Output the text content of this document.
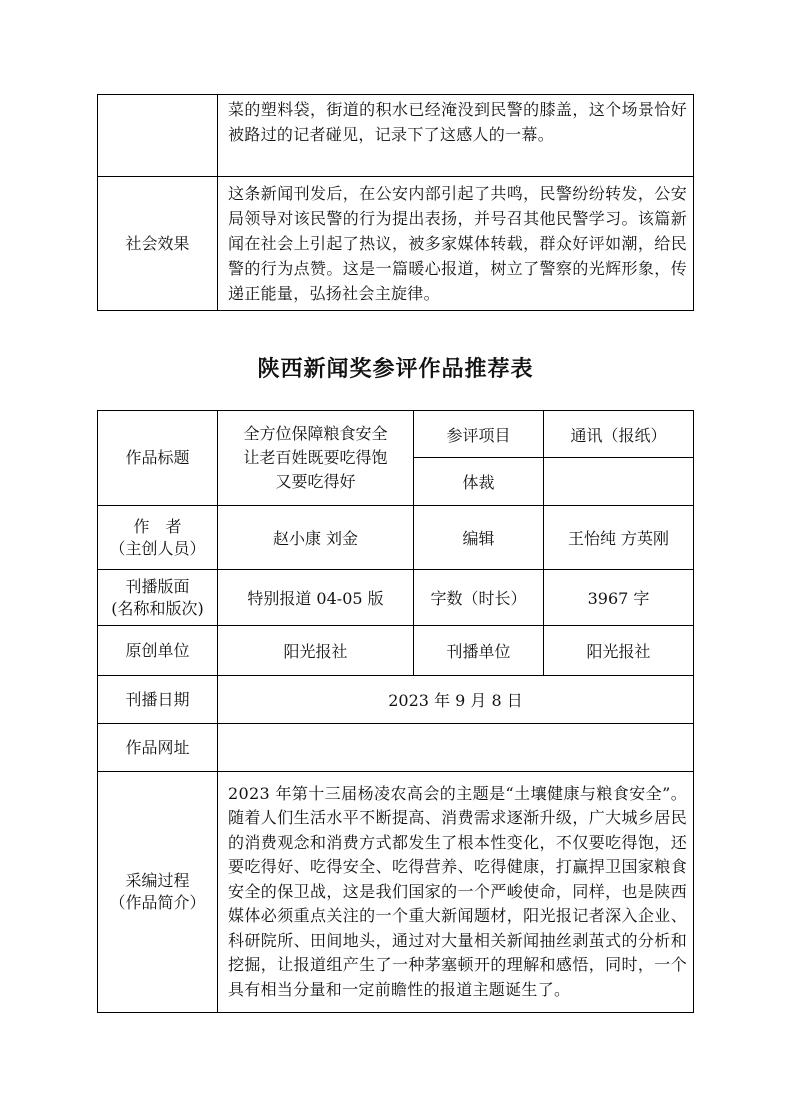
	菜的塑料袋，街道的积水已经淹没到民警的膝盖，这个场景恰好被路过的记者碰见，记录下了这感人的一幕。
社会效果	这条新闻刊发后，在公安内部引起了共鸣，民警纷纷转发，公安局领导对该民警的行为提出表扬，并号召其他民警学习。该篇新闻在社会上引起了热议，被多家媒体转载，群众好评如潮，给民警的行为点赞。这是一篇暖心报道，树立了警察的光辉形象，传递正能量，弘扬社会主旋律。
陕西新闻奖参评作品推荐表
作品标题	全方位保障粮食安全
让老百姓既要吃得饱
又要吃得好	参评项目	通讯（报纸）
		体裁	

作　者
（主创人员）	赵小康 刘金	编辑	王怡纯 方英刚

刊播版面
(名称和版次)	特别报道 04-05 版	字数（时长）	3967 字
原创单位	阳光报社	刊播单位	阳光报社
刊播日期	2023 年 9 月 8 日		
作品网址			

采编过程
（作品简介）	2023 年第十三届杨凌农高会的主题是“土壤健康与粮食安全”。随着人们生活水平不断提高、消费需求逐渐升级，广大城乡居民的消费观念和消费方式都发生了根本性变化，不仅要吃得饱，还要吃得好、吃得安全、吃得营养、吃得健康，打赢捍卫国家粮食安全的保卫战，这是我们国家的一个严峻使命，同样，也是陕西媒体必须重点关注的一个重大新闻题材，阳光报记者深入企业、科研院所、田间地头，通过对大量相关新闻抽丝剥茧式的分析和挖掘，让报道组产生了一种茅塞顿开的理解和感悟，同时，一个具有相当分量和一定前瞻性的报道主题诞生了。		
